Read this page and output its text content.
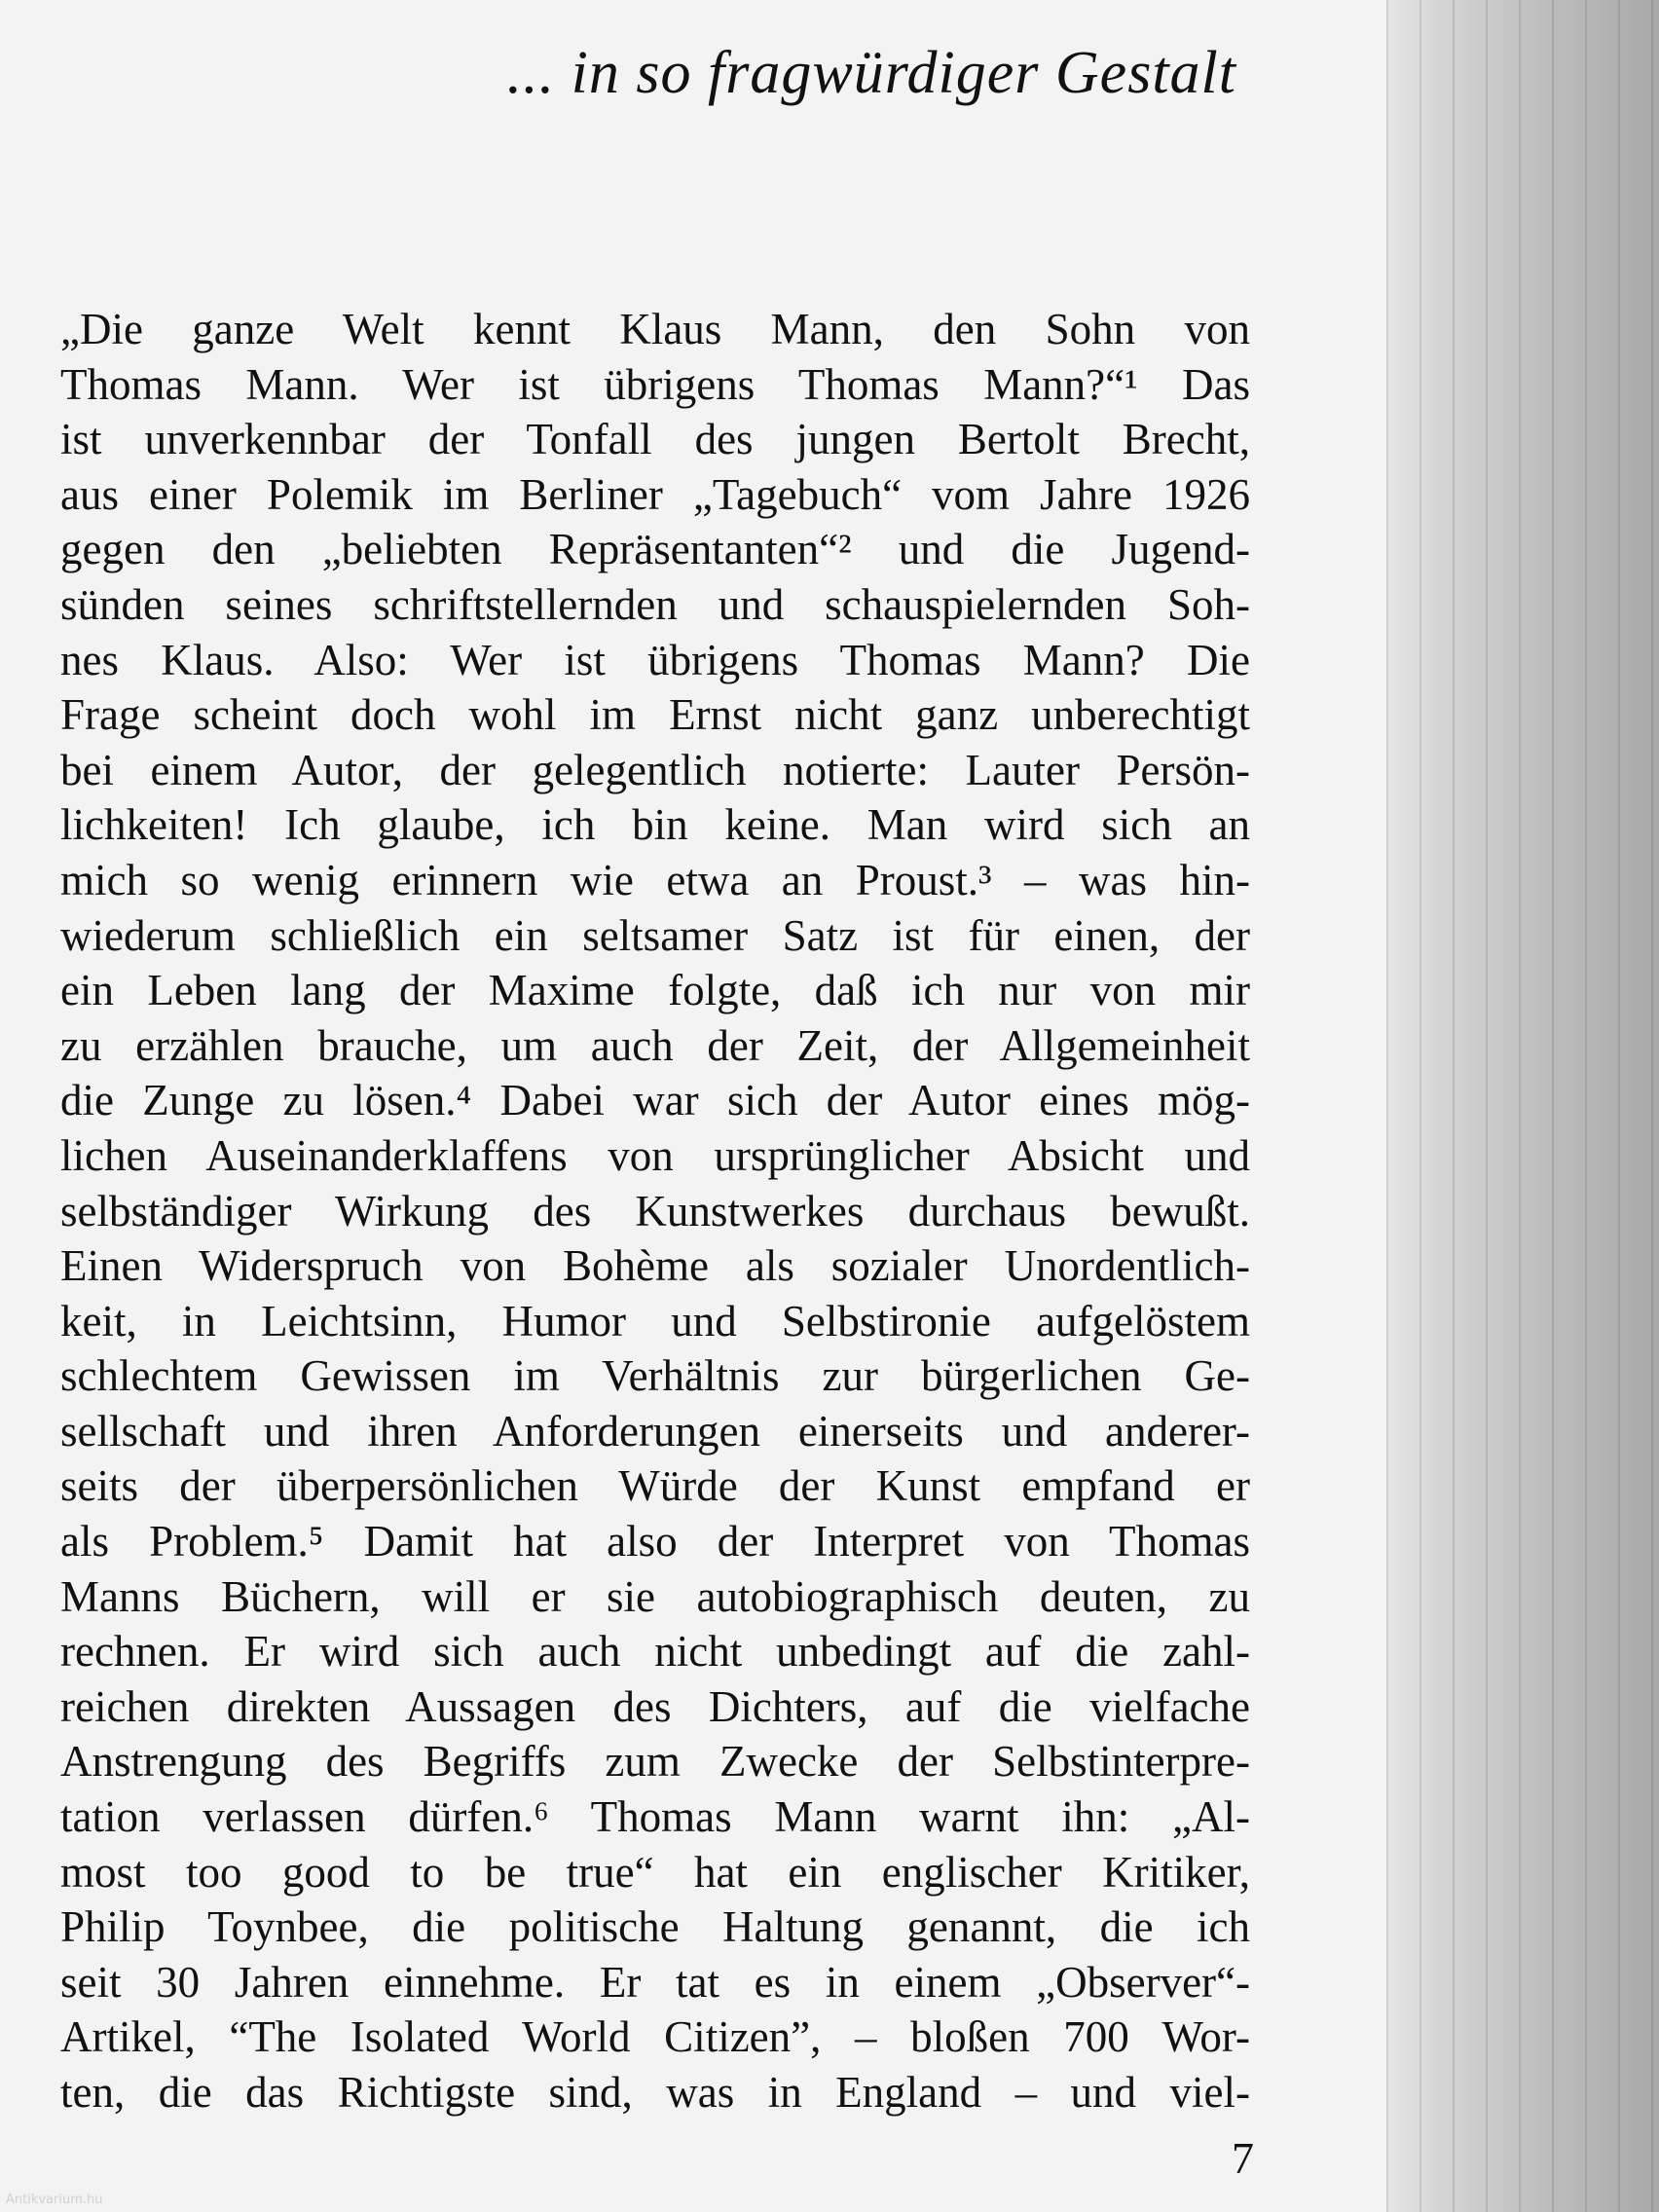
... in so fragwürdiger Gestalt
„Die ganze Welt kennt Klaus Mann, den Sohn von
Thomas Mann. Wer ist übrigens Thomas Mann?“¹ Das
ist unverkennbar der Tonfall des jungen Bertolt Brecht,
aus einer Polemik im Berliner „Tagebuch“ vom Jahre 1926
gegen den „beliebten Repräsentanten“² und die Jugend-
sünden seines schriftstellernden und schauspielernden Soh-
nes Klaus. Also: Wer ist übrigens Thomas Mann? Die
Frage scheint doch wohl im Ernst nicht ganz unberechtigt
bei einem Autor, der gelegentlich notierte: Lauter Persön-
lichkeiten! Ich glaube, ich bin keine. Man wird sich an
mich so wenig erinnern wie etwa an Proust.³ – was hin-
wiederum schließlich ein seltsamer Satz ist für einen, der
ein Leben lang der Maxime folgte, daß ich nur von mir
zu erzählen brauche, um auch der Zeit, der Allgemeinheit
die Zunge zu lösen.⁴ Dabei war sich der Autor eines mög-
lichen Auseinanderklaffens von ursprünglicher Absicht und
selbständiger Wirkung des Kunstwerkes durchaus bewußt.
Einen Widerspruch von Bohème als sozialer Unordentlich-
keit, in Leichtsinn, Humor und Selbstironie aufgelöstem
schlechtem Gewissen im Verhältnis zur bürgerlichen Ge-
sellschaft und ihren Anforderungen einerseits und anderer-
seits der überpersönlichen Würde der Kunst empfand er
als Problem.⁵ Damit hat also der Interpret von Thomas
Manns Büchern, will er sie autobiographisch deuten, zu
rechnen. Er wird sich auch nicht unbedingt auf die zahl-
reichen direkten Aussagen des Dichters, auf die vielfache
Anstrengung des Begriffs zum Zwecke der Selbstinterpre-
tation verlassen dürfen.⁶ Thomas Mann warnt ihn: „Al-
most too good to be true“ hat ein englischer Kritiker,
Philip Toynbee, die politische Haltung genannt, die ich
seit 30 Jahren einnehme. Er tat es in einem „Observer“-
Artikel, “The Isolated World Citizen”, – bloßen 700 Wor-
ten, die das Richtigste sind, was in England – und viel-
7
Antikvarium.hu
